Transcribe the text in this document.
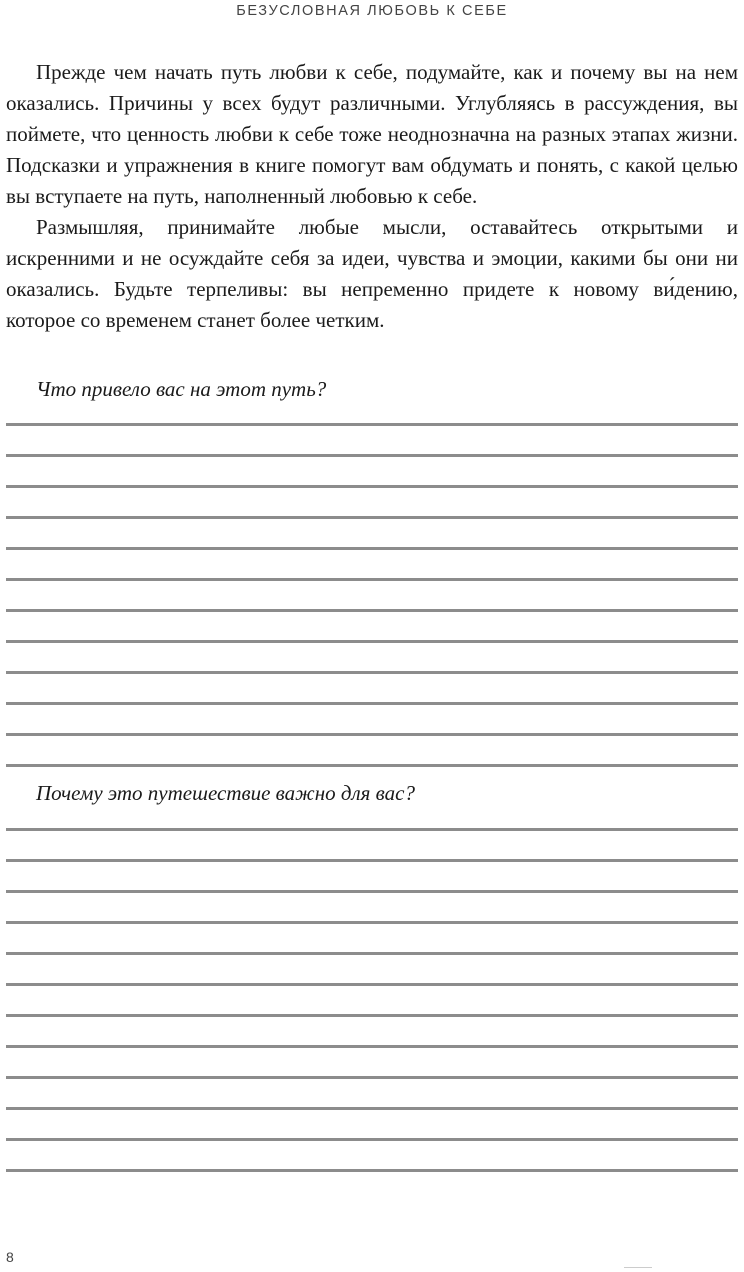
БЕЗУСЛОВНАЯ ЛЮБОВЬ К СЕБЕ

Прежде чем начать путь любви к себе, подумайте, как и почему вы на нем оказались. Причины у всех будут различными. Углубляясь в рассуждения, вы поймете, что ценность любви к себе тоже неоднозначна на разных этапах жизни. Подсказки и упражнения в книге помогут вам обдумать и понять, с какой целью вы вступаете на путь, наполненный любовью к себе.

Размышляя, принимайте любые мысли, оставайтесь открытыми и искренними и не осуждайте себя за идеи, чувства и эмоции, какими бы они ни оказались. Будьте терпеливы: вы непременно придете к новому ви́дению, которое со временем станет более четким.

Что привело вас на этот путь?
Почему это путешествие важно для вас?
8
